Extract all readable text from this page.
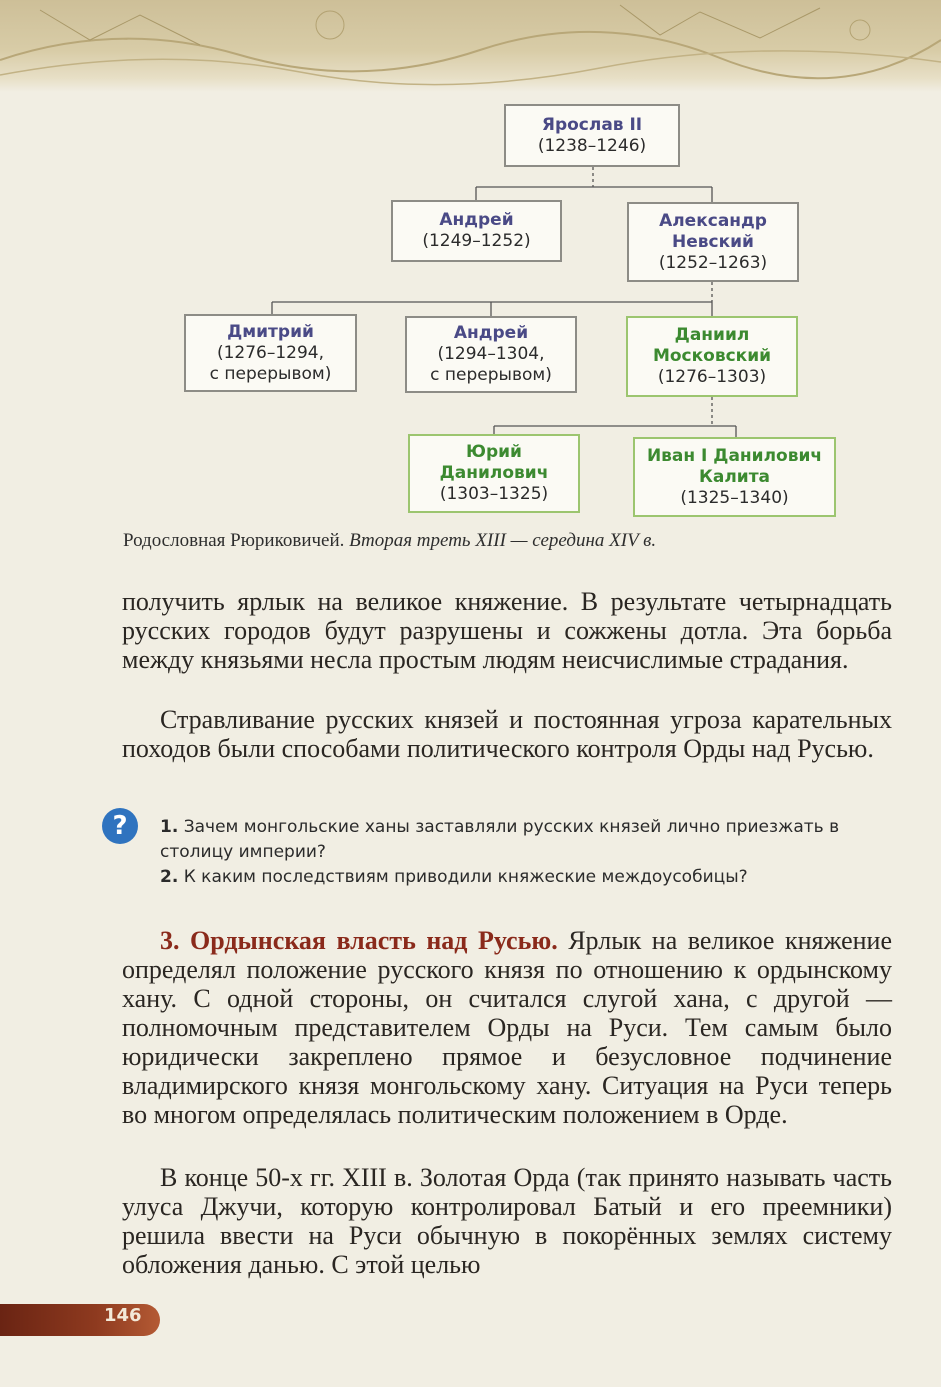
Ярослав II
(1238–1246)
Андрей
(1249–1252)
Александр
Невский
(1252–1263)
Дмитрий
(1276–1294,
с перерывом)
Андрей
(1294–1304,
с перерывом)
Даниил
Московский
(1276–1303)
Юрий
Данилович
(1303–1325)
Иван I Данилович
Калита
(1325–1340)
Родословная Рюриковичей. Вторая треть XIII — середина XIV в.
получить ярлык на великое княжение. В результате четырнадцать русских городов будут разрушены и сожжены дотла. Эта борьба между князьями несла простым людям неисчислимые страдания.
Стравливание русских князей и постоянная угроза карательных походов были способами политического контроля Орды над Русью.
?	1. Зачем монгольские ханы заставляли русских князей лично приезжать в столицу империи?
2. К каким последствиям приводили княжеские междоусобицы?
3. Ордынская власть над Русью. Ярлык на великое княжение определял положение русского князя по отношению к ордынскому хану. С одной стороны, он считался слугой хана, с другой — полномочным представителем Орды на Руси. Тем самым было юридически закреплено прямое и безусловное подчинение владимирского князя монгольскому хану. Ситуация на Руси теперь во многом определялась политическим положением в Орде.
В конце 50-х гг. XIII в. Золотая Орда (так принято называть часть улуса Джучи, которую контролировал Батый и его преемники) решила ввести на Руси обычную в покорённых землях систему обложения данью. С этой целью
146
